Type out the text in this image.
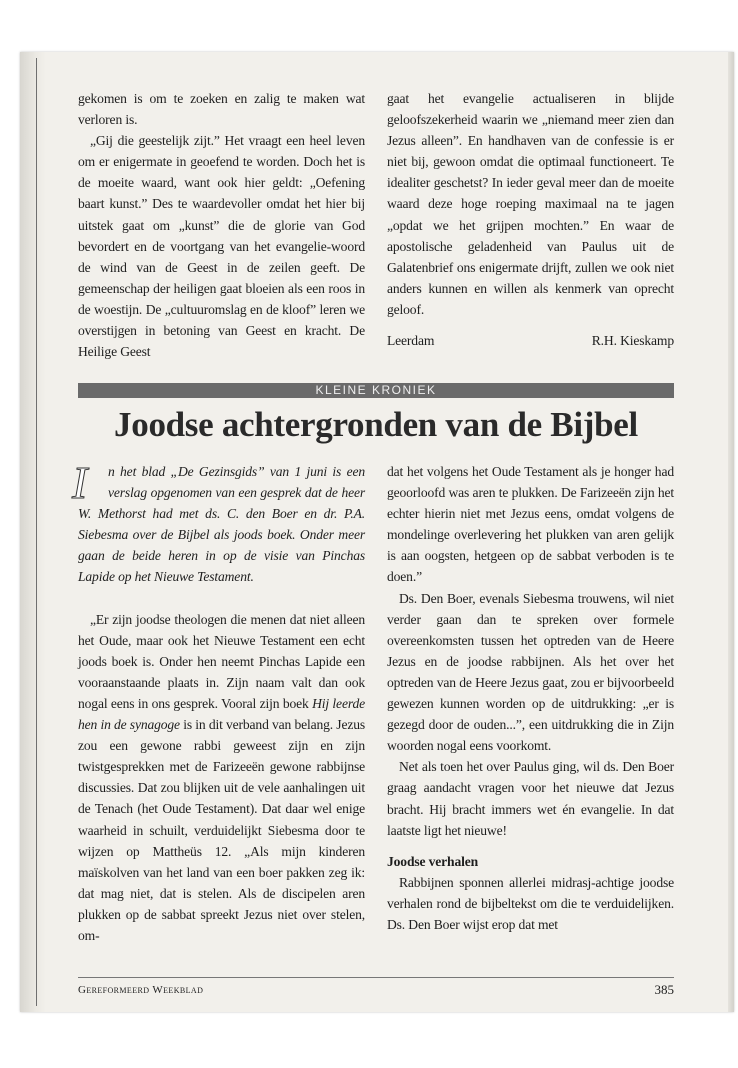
gekomen is om te zoeken en zalig te maken wat verloren is.

„Gij die geestelijk zijt.” Het vraagt een heel leven om er enigermate in geoefend te worden. Doch het is de moeite waard, want ook hier geldt: „Oefening baart kunst.” Des te waardevoller omdat het hier bij uitstek gaat om „kunst” die de glorie van God bevordert en de voortgang van het evangelie-woord de wind van de Geest in de zeilen geeft. De gemeenschap der heiligen gaat bloeien als een roos in de woestijn. De „cultuuromslag en de kloof” leren we overstijgen in betoning van Geest en kracht. De Heilige Geest

gaat het evangelie actualiseren in blijde geloofszekerheid waarin we „niemand meer zien dan Jezus alleen”. En handhaven van de confessie is er niet bij, gewoon omdat die optimaal functioneert. Te idealiter geschetst? In ieder geval meer dan de moeite waard deze hoge roeping maximaal na te jagen „opdat we het grijpen mochten.” En waar de apostolische geladenheid van Paulus uit de Galatenbrief ons enigermate drijft, zullen we ook niet anders kunnen en willen als kenmerk van oprecht geloof.

Leerdam	R.H. Kieskamp
KLEINE KRONIEK
Joodse achtergronden van de Bijbel

I	n het blad „De Gezinsgids” van 1 juni is een verslag opgenomen van een gesprek dat de heer W. Methorst had met ds. C. den Boer en dr. P.A. Siebesma over de Bijbel als joods boek. Onder meer gaan de beide heren in op de visie van Pinchas Lapide op het Nieuwe Testament.

„Er zijn joodse theologen die menen dat niet alleen het Oude, maar ook het Nieuwe Testament een echt joods boek is. Onder hen neemt Pinchas Lapide een vooraanstaande plaats in. Zijn naam valt dan ook nogal eens in ons gesprek. Vooral zijn boek Hij leerde hen in de synagoge is in dit verband van belang. Jezus zou een gewone rabbi geweest zijn en zijn twistgesprekken met de Farizeeën gewone rabbijnse discussies. Dat zou blijken uit de vele aanhalingen uit de Tenach (het Oude Testament). Dat daar wel enige waarheid in schuilt, verduidelijkt Siebesma door te wijzen op Mattheüs 12. „Als mijn kinderen maïskolven van het land van een boer pakken zeg ik: dat mag niet, dat is stelen. Als de discipelen aren plukken op de sabbat spreekt Jezus niet over stelen, om-

dat het volgens het Oude Testament als je honger had geoorloofd was aren te plukken. De Farizeeën zijn het echter hierin niet met Jezus eens, omdat volgens de mondelinge overlevering het plukken van aren gelijk is aan oogsten, hetgeen op de sabbat verboden is te doen.”

Ds. Den Boer, evenals Siebesma trouwens, wil niet verder gaan dan te spreken over formele overeenkomsten tussen het optreden van de Heere Jezus en de joodse rabbijnen. Als het over het optreden van de Heere Jezus gaat, zou er bijvoorbeeld gewezen kunnen worden op de uitdrukking: „er is gezegd door de ouden...”, een uitdrukking die in Zijn woorden nogal eens voorkomt.

Net als toen het over Paulus ging, wil ds. Den Boer graag aandacht vragen voor het nieuwe dat Jezus bracht. Hij bracht immers wet én evangelie. In dat laatste ligt het nieuwe!

Joodse verhalen

Rabbijnen sponnen allerlei midrasj-achtige joodse verhalen rond de bijbeltekst om die te verduidelijken. Ds. Den Boer wijst erop dat met

Gereformeerd Weekblad	385
